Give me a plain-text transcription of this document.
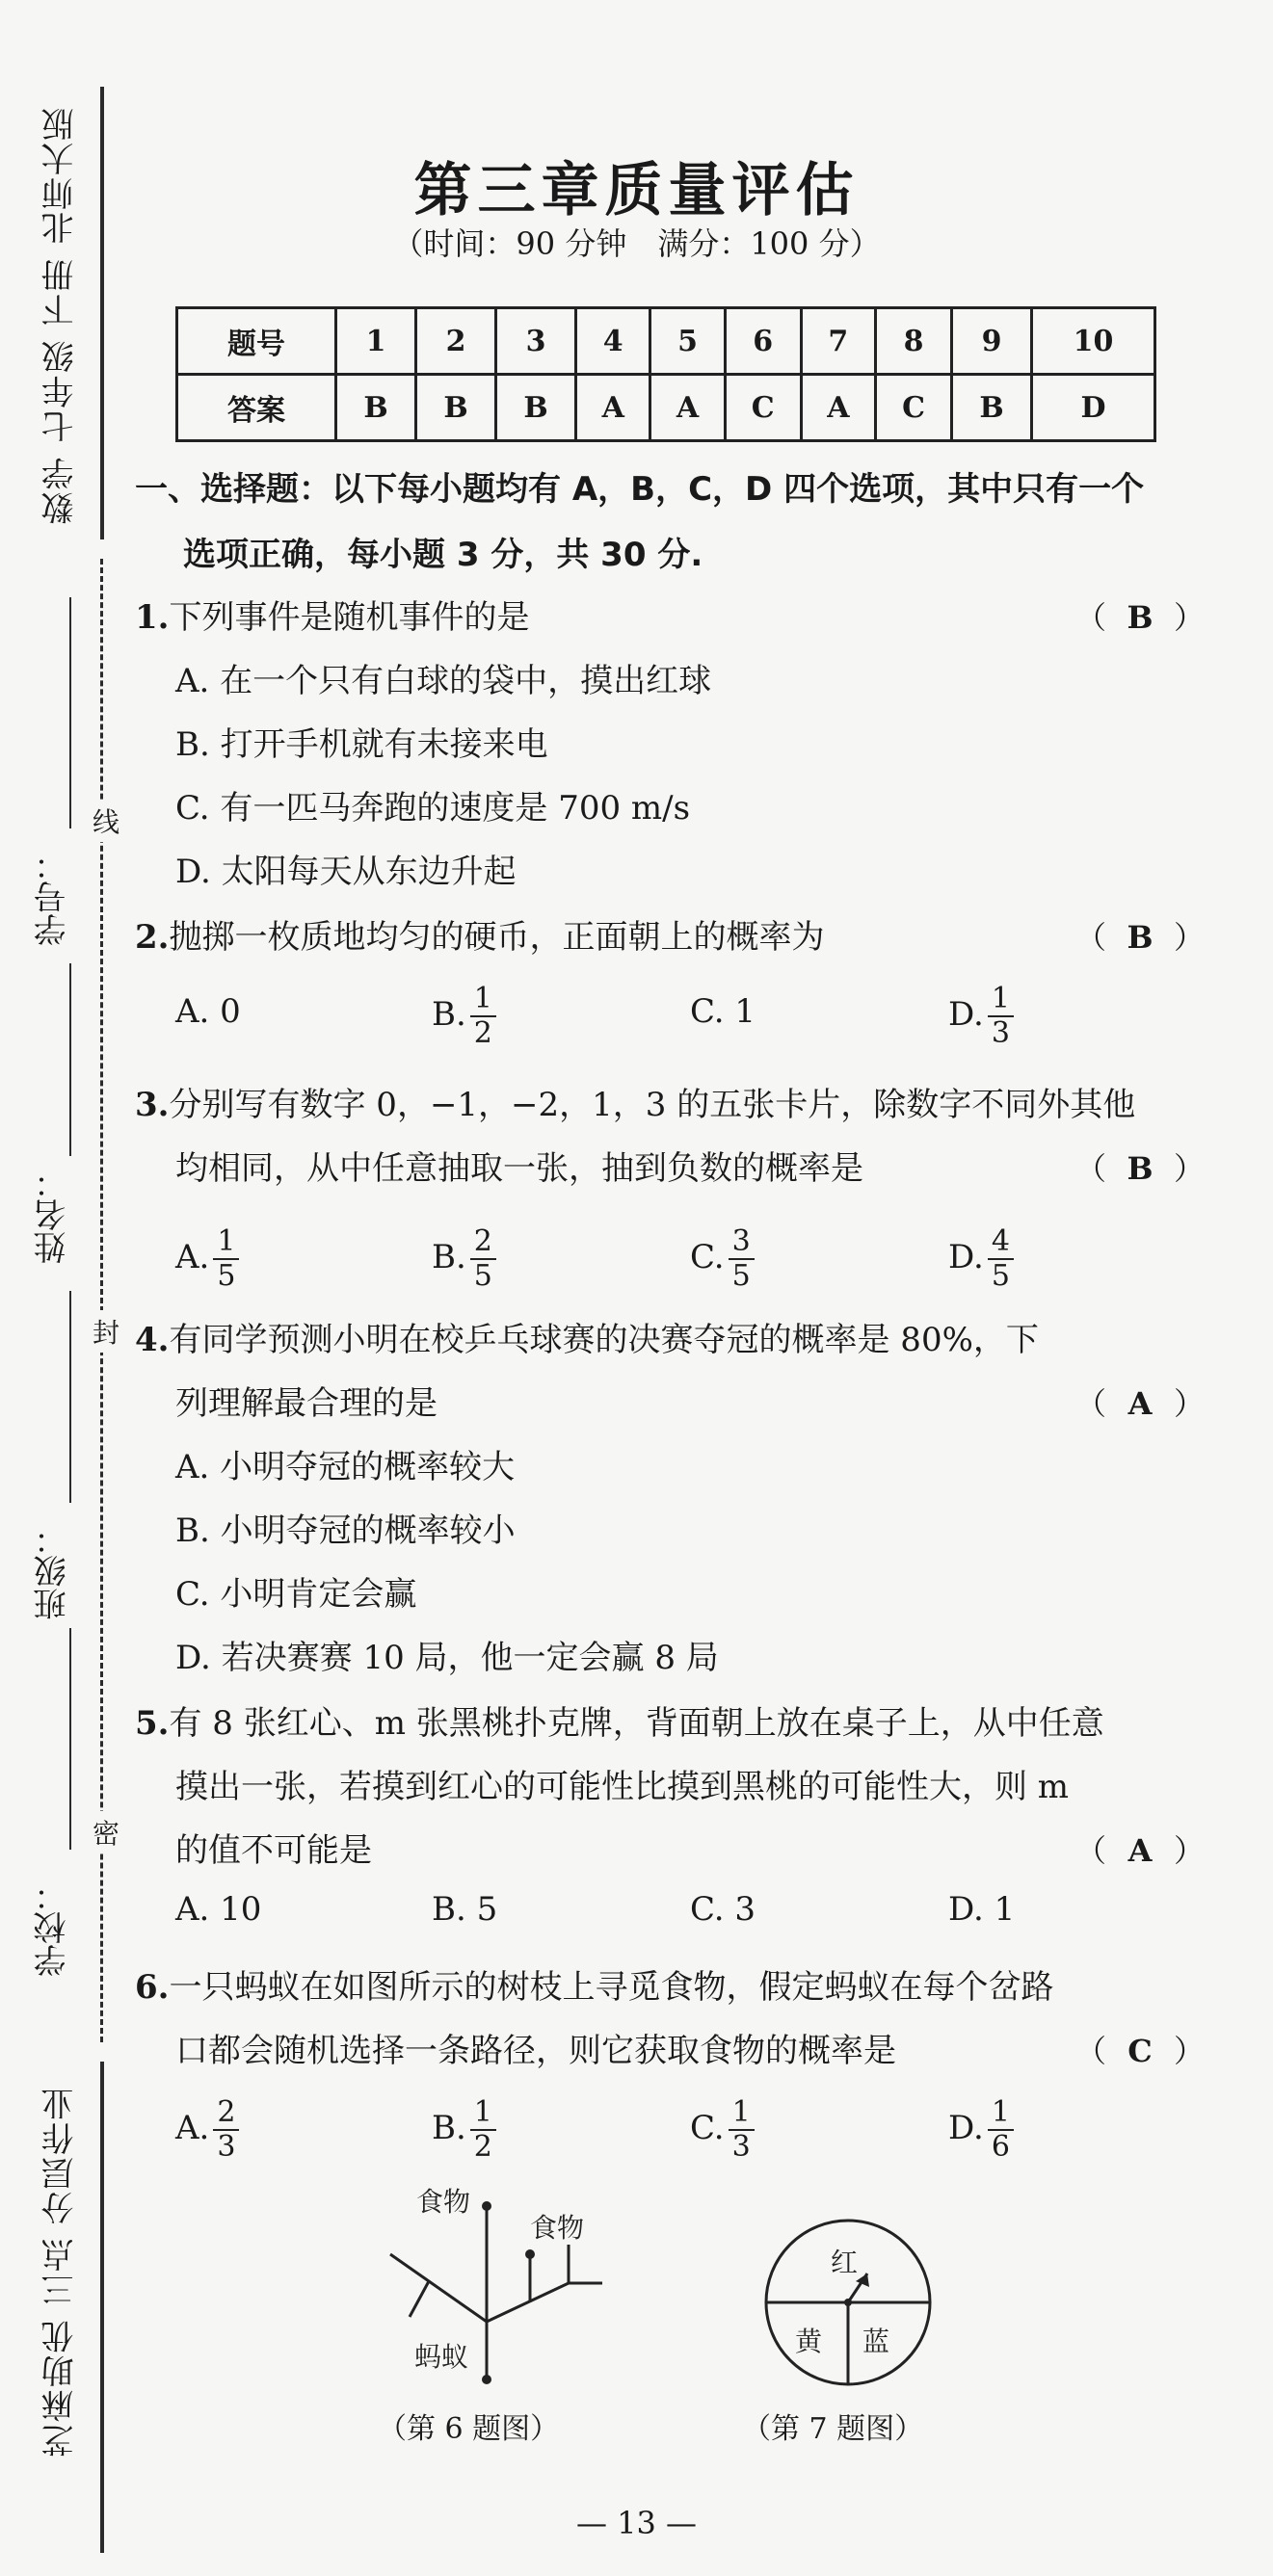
数学 七年级 下册 北师大版
芝麻助优 三点 分层作业
学号：
姓名：
班级：
学校：
线
封
密
第三章质量评估
（时间：90 分钟　满分：100 分）
题号	1	2	3	4	5	6	7	8	9	10
答案	B	B	B	A	A	C	A	C	B	D
一、选择题：以下每小题均有 A，B，C，D 四个选项，其中只有一个
选项正确，每小题 3 分，共 30 分.
1.下列事件是随机事件的是	（ B ）
A. 在一个只有白球的袋中，摸出红球
B. 打开手机就有未接来电
C. 有一匹马奔跑的速度是 700 m/s
D. 太阳每天从东边升起
2.抛掷一枚质地均匀的硬币，正面朝上的概率为	（ B ）
A. 0	B. $\frac{1}{2}$	C. 1	D. $\frac{1}{3}$
3.分别写有数字 0，−1，−2，1，3 的五张卡片，除数字不同外其他
均相同，从中任意抽取一张，抽到负数的概率是	（ B ）
A. $\frac{1}{5}$	B. $\frac{2}{5}$	C. $\frac{3}{5}$	D. $\frac{4}{5}$
4.有同学预测小明在校乒乓球赛的决赛夺冠的概率是 80%，下
列理解最合理的是	（ A ）
A. 小明夺冠的概率较大
B. 小明夺冠的概率较小
C. 小明肯定会赢
D. 若决赛赛 10 局，他一定会赢 8 局
5.有 8 张红心、m 张黑桃扑克牌，背面朝上放在桌子上，从中任意
摸出一张，若摸到红心的可能性比摸到黑桃的可能性大，则 m
的值不可能是	（ A ）
A. 10	B. 5	C. 3	D. 1
6.一只蚂蚁在如图所示的树枝上寻觅食物，假定蚂蚁在每个岔路
口都会随机选择一条路径，则它获取食物的概率是	（ C ）
A. $\frac{2}{3}$	B. $\frac{1}{2}$	C. $\frac{1}{3}$	D. $\frac{1}{6}$
食物
食物
蚂蚁
（第 6 题图）
红
黄 蓝
（第 7 题图）
— 13 —
